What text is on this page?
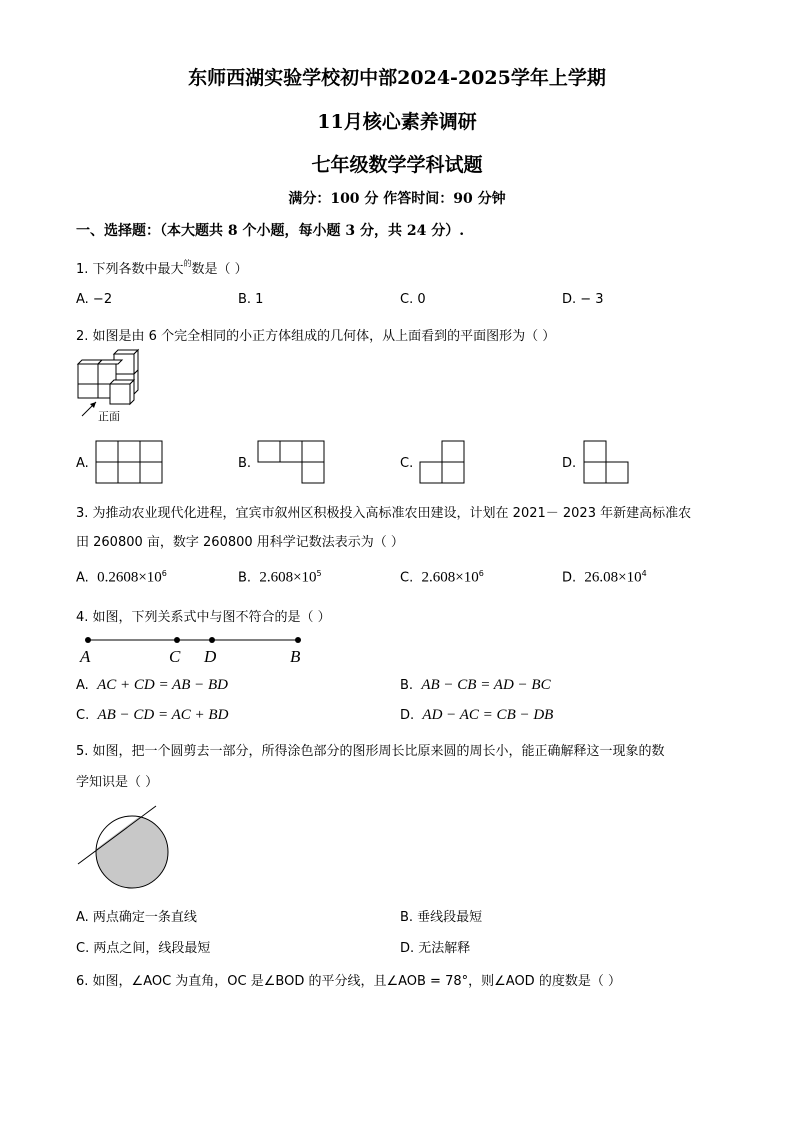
东师西湖实验学校初中部2024-2025学年上学期
11月核心素养调研
七年级数学学科试题
满分：100 分 作答时间：90 分钟
一、选择题：（本大题共 8 个小题，每小题 3 分，共 24 分）.
1. 下列各数中最大$^的$数是（ ）
A. −2	B. 1	C. 0	D. − 3
2. 如图是由 6 个完全相同的小正方体组成的几何体，从上面看到的平面图形为（ ）
正面
A.	B.	C.	D.
3. 为推动农业现代化进程，宜宾市叙州区积极投入高标准农田建设，计划在 2021－ 2023 年新建高标准农
田 260800 亩，数字 260800 用科学记数法表示为（ ）
A. $0.2608\times 10^6$	B. $2.608\times 10^5$	C. $2.608\times 10^6$	D. $26.08\times 10^4$
4. 如图，下列关系式中与图不符合的是（ ）
A	C D	B
A. AC + CD = AB − BD	B. AB − CB = AD − BC
C. AB − CD = AC + BD	D. AD − AC = CB − DB
5. 如图，把一个圆剪去一部分，所得涂色部分的图形周长比原来圆的周长小，能正确解释这一现象的数
学知识是（ ）
A. 两点确定一条直线	B. 垂线段最短
C. 两点之间，线段最短	D. 无法解释
6. 如图，∠AOC 为直角，OC 是∠BOD 的平分线，且∠AOB = 78°，则∠AOD 的度数是（ ）
